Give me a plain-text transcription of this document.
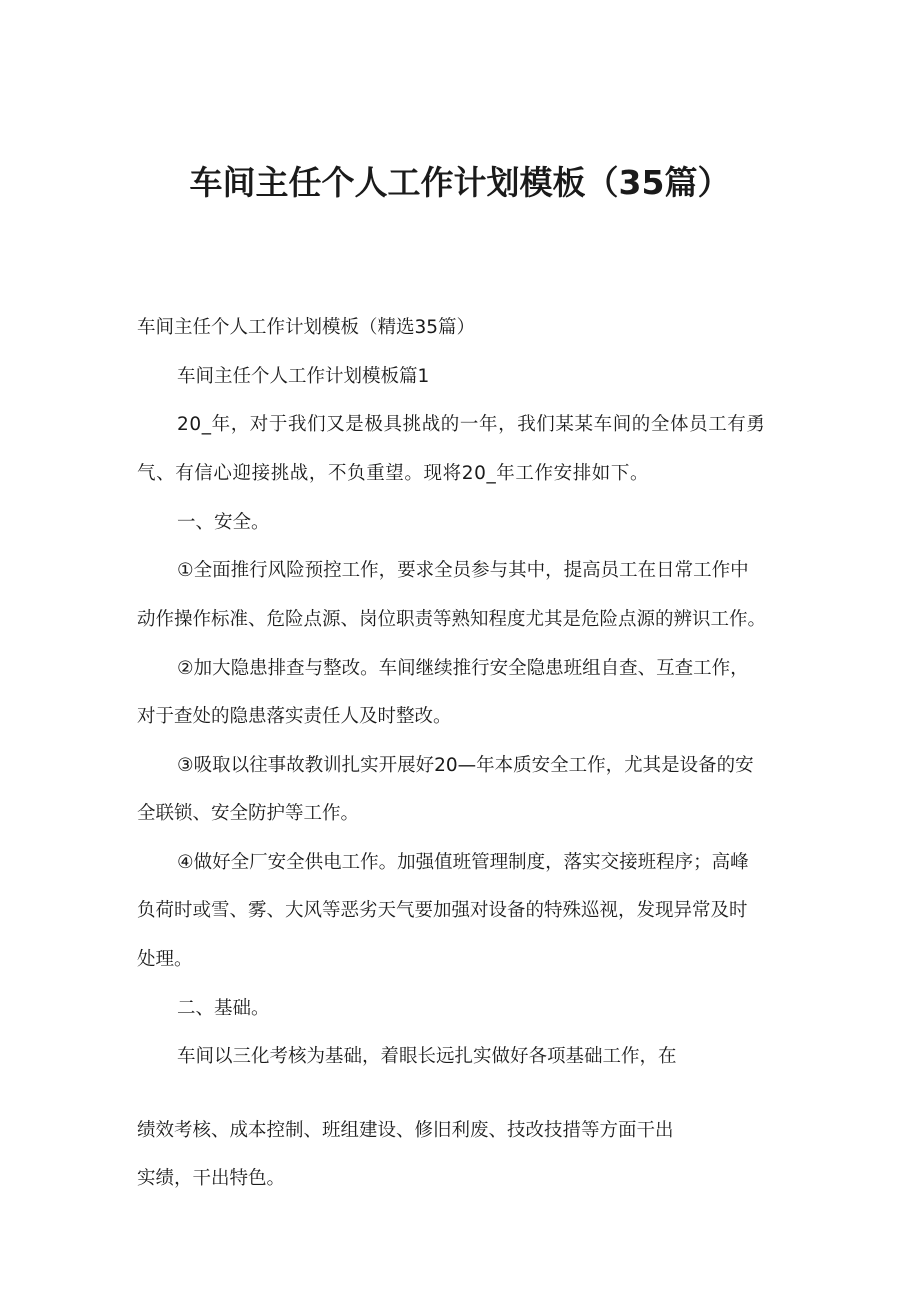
车间主任个人工作计划模板（35篇）

车间主任个人工作计划模板（精选35篇）

车间主任个人工作计划模板篇1

20_年，对于我们又是极具挑战的一年，我们某某车间的全体员工有勇

气、有信心迎接挑战，不负重望。现将20_年工作安排如下。

一、安全。

①全面推行风险预控工作，要求全员参与其中，提高员工在日常工作中

动作操作标准、危险点源、岗位职责等熟知程度尤其是危险点源的辨识工作。

②加大隐患排查与整改。车间继续推行安全隐患班组自查、互查工作，

对于查处的隐患落实责任人及时整改。

③吸取以往事故教训扎实开展好20—年本质安全工作，尤其是设备的安

全联锁、安全防护等工作。

④做好全厂安全供电工作。加强值班管理制度，落实交接班程序；高峰

负荷时或雪、雾、大风等恶劣天气要加强对设备的特殊巡视，发现异常及时

处理。

二、基础。

车间以三化考核为基础，着眼长远扎实做好各项基础工作，在

绩效考核、成本控制、班组建设、修旧利废、技改技措等方面干出

实绩，干出特色。
